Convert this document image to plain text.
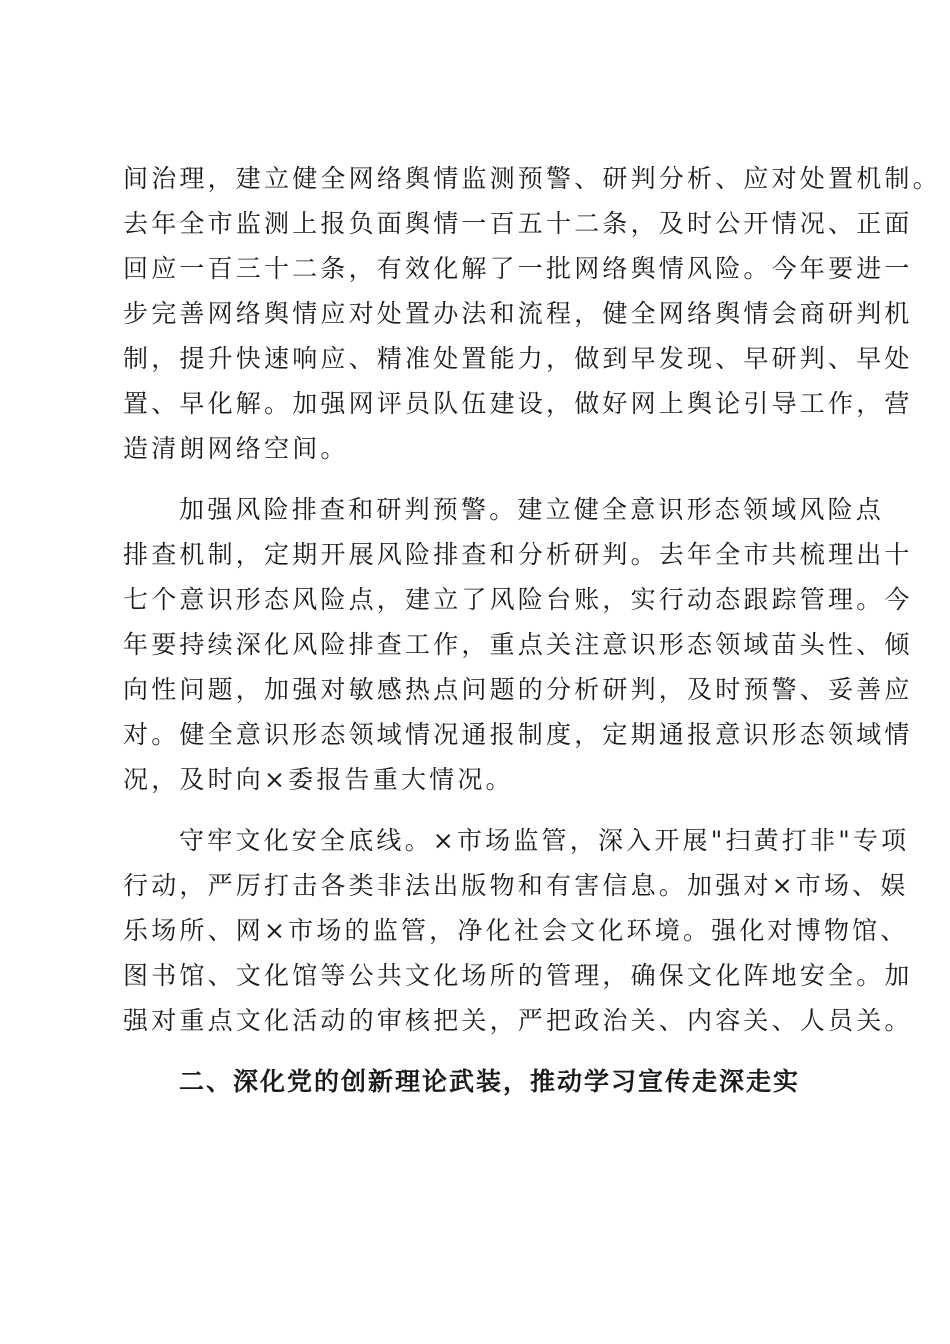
间治理，建立健全网络舆情监测预警、研判分析、应对处置机制。
去年全市监测上报负面舆情一百五十二条，及时公开情况、正面
回应一百三十二条，有效化解了一批网络舆情风险。今年要进一
步完善网络舆情应对处置办法和流程，健全网络舆情会商研判机
制，提升快速响应、精准处置能力，做到早发现、早研判、早处
置、早化解。加强网评员队伍建设，做好网上舆论引导工作，营
造清朗网络空间。
加强风险排查和研判预警。建立健全意识形态领域风险点
排查机制，定期开展风险排查和分析研判。去年全市共梳理出十
七个意识形态风险点，建立了风险台账，实行动态跟踪管理。今
年要持续深化风险排查工作，重点关注意识形态领域苗头性、倾
向性问题，加强对敏感热点问题的分析研判，及时预警、妥善应
对。健全意识形态领域情况通报制度，定期通报意识形态领域情
况，及时向×委报告重大情况。
守牢文化安全底线。×市场监管，深入开展"扫黄打非"专项
行动，严厉打击各类非法出版物和有害信息。加强对×市场、娱
乐场所、网×市场的监管，净化社会文化环境。强化对博物馆、
图书馆、文化馆等公共文化场所的管理，确保文化阵地安全。加
强对重点文化活动的审核把关，严把政治关、内容关、人员关。
二、深化党的创新理论武装，推动学习宣传走深走实
